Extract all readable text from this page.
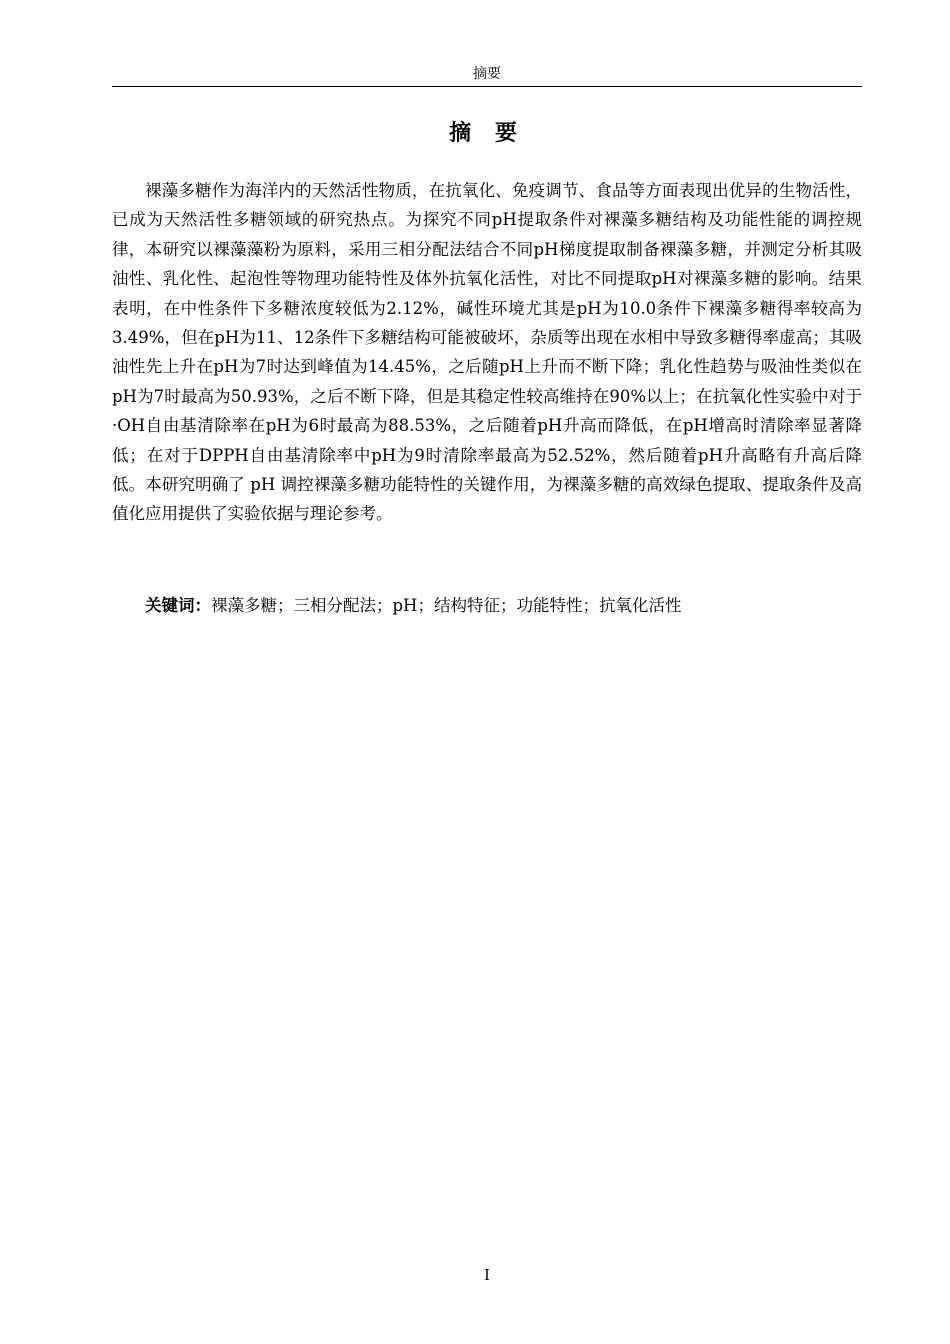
摘要
摘 要

裸藻多糖作为海洋内的天然活性物质，在抗氧化、免疫调节、食品等方面表现出优异的生物活性，已成为天然活性多糖领域的研究热点。为探究不同pH提取条件对裸藻多糖结构及功能性能的调控规律，本研究以裸藻藻粉为原料，采用三相分配法结合不同pH梯度提取制备裸藻多糖，并测定分析其吸油性、乳化性、起泡性等物理功能特性及体外抗氧化活性，对比不同提取pH对裸藻多糖的影响。结果表明，在中性条件下多糖浓度较低为2.12%，碱性环境尤其是pH为10.0条件下裸藻多糖得率较高为3.49%，但在pH为11、12条件下多糖结构可能被破坏，杂质等出现在水相中导致多糖得率虚高；其吸油性先上升在pH为7时达到峰值为14.45%，之后随pH上升而不断下降；乳化性趋势与吸油性类似在pH为7时最高为50.93%，之后不断下降，但是其稳定性较高维持在90%以上；在抗氧化性实验中对于·OH自由基清除率在pH为6时最高为88.53%，之后随着pH升高而降低，在pH增高时清除率显著降低；在对于DPPH自由基清除率中pH为9时清除率最高为52.52%，然后随着pH升高略有升高后降低。本研究明确了 pH 调控裸藻多糖功能特性的关键作用，为裸藻多糖的高效绿色提取、提取条件及高值化应用提供了实验依据与理论参考。

关键词：裸藻多糖；三相分配法；pH；结构特征；功能特性；抗氧化活性

I
